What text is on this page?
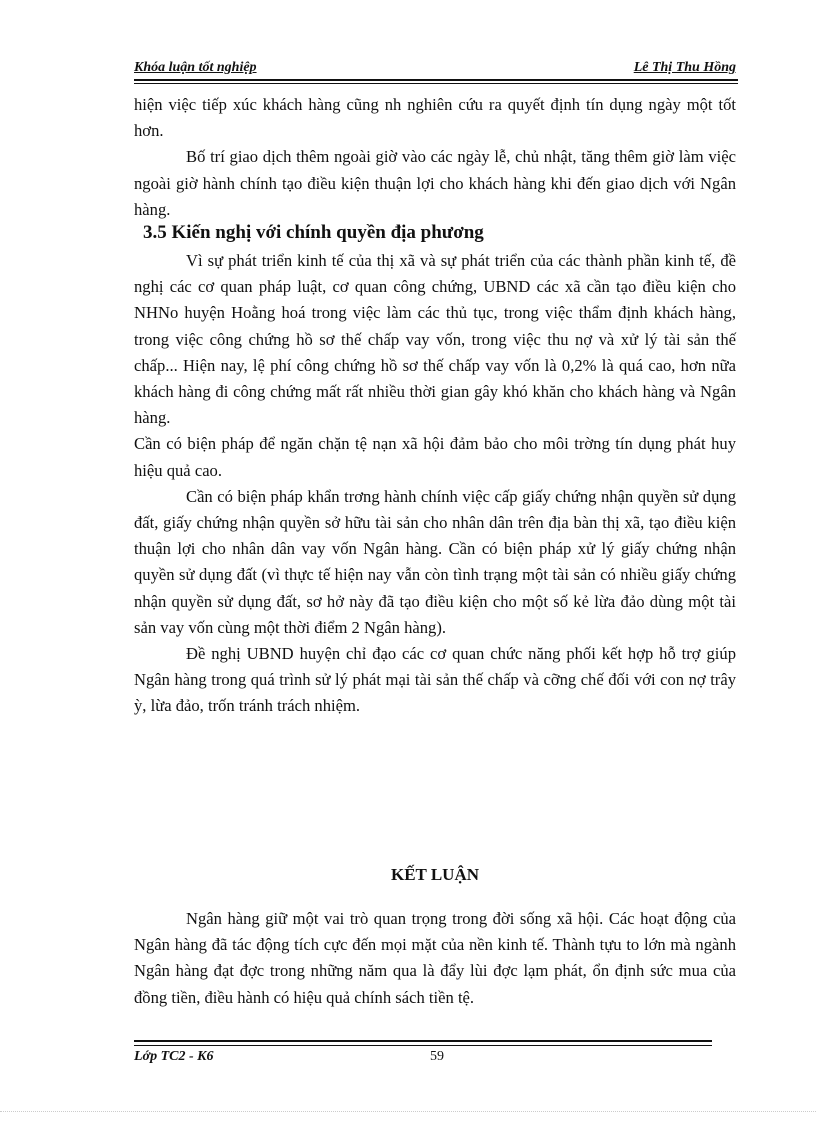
Khóa luận tốt nghiệp	Lê Thị Thu Hồng

hiện việc tiếp xúc khách hàng cũng nh nghiên cứu ra quyết định tín dụng ngày một tốt hơn.

Bố trí giao dịch thêm ngoài giờ vào các ngày lễ, chủ nhật, tăng thêm giờ làm việc ngoài giờ hành chính tạo điều kiện thuận lợi cho khách hàng khi đến giao dịch với Ngân hàng.

3.5 Kiến nghị với chính quyền địa phương

Vì sự phát triển kinh tế của thị xã và sự phát triển của các thành phần kinh tế, đề nghị các cơ quan pháp luật, cơ quan công chứng, UBND các xã cần tạo điều kiện cho NHNo huyện Hoằng hoá trong việc làm các thủ tục, trong việc thẩm định khách hàng, trong việc công chứng hồ sơ thế chấp vay vốn, trong việc thu nợ và xử lý tài sản thế chấp... Hiện nay, lệ phí công chứng hồ sơ thế chấp vay vốn là 0,2% là quá cao, hơn nữa khách hàng đi công chứng mất rất nhiều thời gian gây khó khăn cho khách hàng và Ngân hàng.

Cần có biện pháp để ngăn chặn tệ nạn xã hội đảm bảo cho môi trờng tín dụng phát huy hiệu quả cao.

Cần có biện pháp khẩn trơng hành chính việc cấp giấy chứng nhận quyền sử dụng đất, giấy chứng nhận quyền sở hữu tài sản cho nhân dân trên địa bàn thị xã, tạo điều kiện thuận lợi cho nhân dân vay vốn Ngân hàng. Cần có biện pháp xử lý giấy chứng nhận quyền sử dụng đất (vì thực tế hiện nay vẫn còn tình trạng một tài sản có nhiều giấy chứng nhận quyền sử dụng đất, sơ hở này đã tạo điều kiện cho một số kẻ lừa đảo dùng một tài sản vay vốn cùng một thời điểm 2 Ngân hàng).

Đề nghị UBND huyện chỉ đạo các cơ quan chức năng phối kết hợp hỗ trợ giúp Ngân hàng trong quá trình sử lý phát mại tài sản thế chấp và cỡng chế đối với con nợ trây ỳ, lừa đảo, trốn tránh trách nhiệm.

KẾT LUẬN

Ngân hàng giữ một vai trò quan trọng trong đời sống xã hội. Các hoạt động của Ngân hàng đã tác động tích cực đến mọi mặt của nền kinh tế. Thành tựu to lớn mà ngành Ngân hàng đạt đợc trong những năm qua là đẩy lùi đợc lạm phát, ổn định sức mua của đồng tiền, điều hành có hiệu quả chính sách tiền tệ.

Lớp TC2 - K6	59
